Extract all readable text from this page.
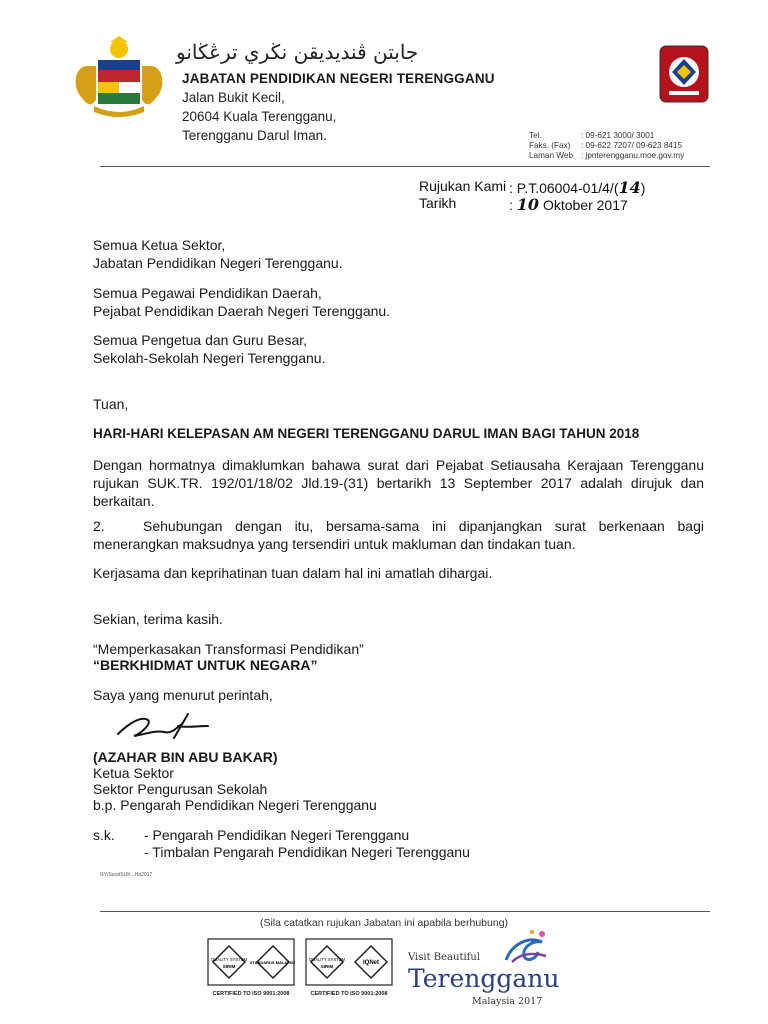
جابتن ڤنديديقن نڬري ترڠڬانو
JABATAN PENDIDIKAN NEGERI TERENGGANU
Jalan Bukit Kecil,
20604 Kuala Terengganu,
Terengganu Darul Iman.	Tel.	: 09-621 3000/ 3001
Faks. (Fax) : 09-622 7207/ 09-623 8415
Laman Web : jpnterengganu.moe.gov.my
Rujukan Kami : P.T.06004-01/4/(14)
Tarikh	: 10 Oktober 2017
Semua Ketua Sektor,
Jabatan Pendidikan Negeri Terengganu.
Semua Pegawai Pendidikan Daerah,
Pejabat Pendidikan Daerah Negeri Terengganu.
Semua Pengetua dan Guru Besar,
Sekolah-Sekolah Negeri Terengganu.
Tuan,
HARI-HARI KELEPASAN AM NEGERI TERENGGANU DARUL IMAN BAGI TAHUN 2018
Dengan hormatnya dimaklumkan bahawa surat dari Pejabat Setiausaha Kerajaan Terengganu rujukan SUK.TR. 192/01/18/02 Jld.19-(31) bertarikh 13 September 2017 adalah dirujuk dan berkaitan.
2.	Sehubungan dengan itu, bersama-sama ini dipanjangkan surat berkenaan bagi menerangkan maksudnya yang tersendiri untuk makluman dan tindakan tuan.
Kerjasama dan keprihatinan tuan dalam hal ini amatlah dihargai.
Sekian, terima kasih.
“Memperkasakan Transformasi Pendidikan”
“BERKHIDMAT UNTUK NEGARA”
Saya yang menurut perintah,
(AZAHAR BIN ABU BAKAR)
Ketua Sektor
Sektor Pengurusan Sekolah
b.p. Pengarah Pendidikan Negeri Terengganu
s.k. - Pengarah Pendidikan Negeri Terengganu
- Timbalan Pengarah Pendidikan Negeri Terengganu
NY/SuratSUK...Ha2017
(Sila catatkan rujukan Jabatan ini apabila berhubung)
QUALITY SYSTEM
SIRIM
STANDARDS MALAYSIA
CERTIFIED TO ISO 9001:2008
QUALITY SYSTEM
SIRIM
IQNet
CERTIFIED TO ISO 9001:2008
Visit Beautiful
Terengganu
Malaysia 2017
